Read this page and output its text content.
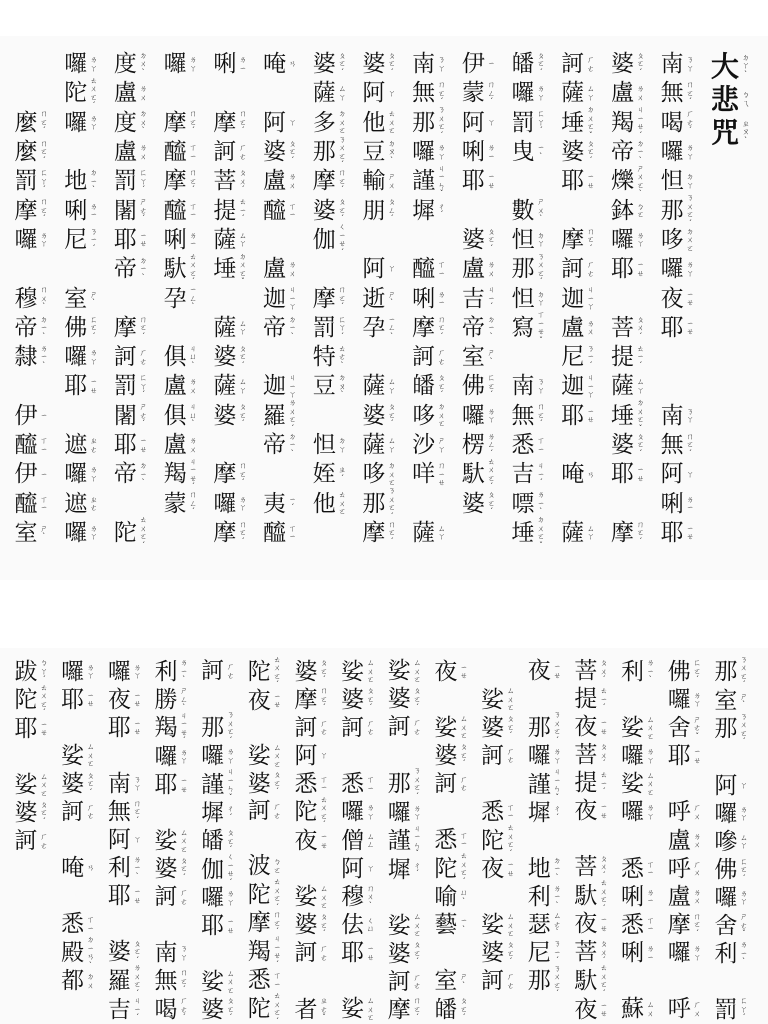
大 ㄉ
ㄚ
ˋ
悲 ㄅ
ㄟ
咒 ㄓ
ㄡ
ˋ
南 ㄋ
ㄚ
無 ㄇ
ㄛ
ˊ
喝 ㄏ
ㄜ
ˊ
囉 ㄌ
ㄚ
怛 ㄉ
ㄚ
那 ㄋ
ㄨ
ㄛ
ˊ
哆 ㄉ
ㄨ
ㄛ
囉 ㄌ
ㄚ
夜 ㄧ
ㄝ
耶 ㄧ
ㄝ
南 ㄋ
ㄚ
無 ㄇ
ㄛ
ˊ
阿 ㄚ
唎 ㄌ
ㄧ
耶 ㄧ
ㄝ
婆 ㄆ
ㄛ
ˊ
盧 ㄌ
ㄨ
羯 ㄐ
ㄧ
ㄝ
ˊ
帝 ㄉ
ㄧ
ˋ
爍 ㄕ
ㄨ
ㄛ
ˋ
鉢 ㄅ
ㄛ
囉 ㄌ
ㄚ
耶 ㄧ
ㄝ
菩 ㄆ
ㄨ
ˊ
提 ㄊ
ㄧ
ˊ
薩 ㄙ
ㄚ
埵 ㄉ
ㄨ
ㄛ
ˇ
婆 ㄆ
ㄛ
ˊ
耶 ㄧ
ㄝ
摩 ㄇ
ㄛ
ˊ
訶 ㄏ
ㄜ
薩 ㄙ
ㄚ
埵 ㄉ
ㄨ
ㄛ
ˇ
婆 ㄆ
ㄛ
ˊ
耶 ㄧ
ㄝ
摩 ㄇ
ㄛ
ˊ
訶 ㄏ
ㄜ
迦 ㄐ
ㄧ
ㄚ
盧 ㄌ
ㄨ
尼 ㄋ
ㄧ
ˊ
迦 ㄐ
ㄧ
ㄚ
耶 ㄧ
ㄝ
唵 ㄢ
薩 ㄙ
ㄚ
皤 ㄆ
ㄛ
ˊ
囉 ㄌ
ㄚ
罰 ㄈ
ㄚ
ˊ
曳 ㄧ
ˋ
數 ㄕ
ㄨ
ˋ
怛 ㄉ
ㄚ
那 ㄋ
ㄨ
ㄛ
ˊ
怛 ㄉ
ㄚ
寫 ㄒ
ㄧ
ㄝ
ˇ
南 ㄋ
ㄚ
無 ㄇ
ㄛ
ˊ
悉 ㄒ
ㄧ
吉 ㄐ
ㄧ
ˊ
嘌 ㄌ
ㄧ
ˋ
埵 ㄉ
ㄨ
ㄛ
ˇ
伊 ㄧ
蒙 ㄇ
ㄥ
ˊ
阿 ㄚ
唎 ㄌ
ㄧ
耶 ㄧ
ㄝ
婆 ㄆ
ㄛ
ˊ
盧 ㄌ
ㄨ
吉 ㄐ
ㄧ
ˊ
帝 ㄉ
ㄧ
ˋ
室 ㄕ
ˋ
佛 ㄈ
ㄛ
ˊ
囉 ㄌ
ㄚ
楞 ㄌ
ㄥ
ˊ
馱 ㄊ
ㄨ
ㄛ
ˊ
婆 ㄆ
ㄛ
ˊ
南 ㄋ
ㄚ
無 ㄇ
ㄛ
ˊ
那 ㄋ
ㄨ
ㄛ
ˊ
囉 ㄌ
ㄚ
謹 ㄐ
ㄧ
ㄣ
ˇ
墀 ㄔ
ˊ
醯 ㄒ
ㄧ
唎 ㄌ
ㄧ
摩 ㄇ
ㄛ
ˊ
訶 ㄏ
ㄜ
皤 ㄆ
ㄛ
ˊ
哆 ㄉ
ㄨ
ㄛ
沙 ㄕ
ㄚ
咩 ㄇ
ㄧ
ㄝ
薩 ㄙ
ㄚ
婆 ㄆ
ㄛ
ˊ
阿 ㄚ
他 ㄊ
ㄨ
ㄛ
豆 ㄉ
ㄡ
ˋ
輸 ㄕ
ㄨ
朋 ㄆ
ㄥ
ˊ
阿 ㄚ
逝 ㄕ
ˋ
孕 ㄧ
ㄥ
ˋ
薩 ㄙ
ㄚ
婆 ㄆ
ㄛ
ˊ
薩 ㄙ
ㄚ
哆 ㄉ
ㄨ
ㄛ
那 ㄋ
ㄨ
ㄛ
ˊ
摩 ㄇ
ㄛ
ˊ
婆 ㄆ
ㄛ
ˊ
薩 ㄙ
ㄚ
多 ㄉ
ㄨ
ㄛ
那 ㄋ
ㄨ
ㄛ
ˊ
摩 ㄇ
ㄛ
ˊ
婆 ㄆ
ㄛ
ˊ
伽 ㄑ
ㄧ
ㄝ
ˊ
摩 ㄇ
ㄛ
ˊ
罰 ㄈ
ㄚ
ˊ
特 ㄊ
ㄜ
ˋ
豆 ㄉ
ㄡ
ˋ
怛 ㄉ
ㄚ
姪 ㄓ
ˊ
他 ㄊ
ㄨ
ㄛ
唵 ㄢ
阿 ㄚ
婆 ㄆ
ㄛ
ˊ
盧 ㄌ
ㄨ
醯 ㄒ
ㄧ
盧 ㄌ
ㄨ
迦 ㄐ
ㄧ
ㄚ
帝 ㄉ
ㄧ
ˋ
迦 ㄐ
ㄧ
ㄚ
羅 ㄌ
ㄨ
ㄛ
ˊ
帝 ㄉ
ㄧ
ˋ
夷 ㄧ
ˊ
醯 ㄒ
ㄧ
唎 ㄌ
ㄧ
摩 ㄇ
ㄛ
ˊ
訶 ㄏ
ㄜ
菩 ㄆ
ㄨ
ˊ
提 ㄊ
ㄧ
ˊ
薩 ㄙ
ㄚ
埵 ㄉ
ㄨ
ㄛ
ˇ
薩 ㄙ
ㄚ
婆 ㄆ
ㄛ
ˊ
薩 ㄙ
ㄚ
婆 ㄆ
ㄛ
ˊ
摩 ㄇ
ㄛ
ˊ
囉 ㄌ
ㄚ
摩 ㄇ
ㄛ
ˊ
囉 ㄌ
ㄚ
摩 ㄇ
ㄛ
ˊ
醯 ㄒ
ㄧ
摩 ㄇ
ㄛ
ˊ
醯 ㄒ
ㄧ
唎 ㄌ
ㄧ
馱 ㄊ
ㄨ
ㄛ
ˊ
孕 ㄧ
ㄥ
ˋ
俱 ㄐ
ㄩ
ˋ
盧 ㄌ
ㄨ
俱 ㄐ
ㄩ
ˋ
盧 ㄌ
ㄨ
羯 ㄐ
ㄧ
ㄝ
ˊ
蒙 ㄇ
ㄥ
ˊ
度 ㄉ
ㄨ
ˋ
盧 ㄌ
ㄨ
度 ㄉ
ㄨ
ˋ
盧 ㄌ
ㄨ
罰 ㄈ
ㄚ
ˊ
闍 ㄕ
ㄜ
ˊ
耶 ㄧ
ㄝ
帝 ㄉ
ㄧ
ˋ
摩 ㄇ
ㄛ
ˊ
訶 ㄏ
ㄜ
罰 ㄈ
ㄚ
ˊ
闍 ㄕ
ㄜ
ˊ
耶 ㄧ
ㄝ
帝 ㄉ
ㄧ
ˋ
陀 ㄊ
ㄨ
ㄛ
ˊ
囉 ㄌ
ㄚ
陀 ㄊ
ㄨ
ㄛ
ˊ
囉 ㄌ
ㄚ
地 ㄉ
ㄧ
ˋ
唎 ㄌ
ㄧ
尼 ㄋ
ㄧ
ˊ
室 ㄕ
ˋ
佛 ㄈ
ㄛ
ˊ
囉 ㄌ
ㄚ
耶 ㄧ
ㄝ
遮 ㄓ
ㄜ
囉 ㄌ
ㄚ
遮 ㄓ
ㄜ
囉 ㄌ
ㄚ
麼 ㄇ
ㄛ
ˊ
麼 ㄇ
ㄛ
ˊ
罰 ㄈ
ㄚ
ˊ
摩 ㄇ
ㄛ
ˊ
囉 ㄌ
ㄚ
穆 ㄇ
ㄨ
ˋ
帝 ㄉ
ㄧ
ˋ
隸 ㄌ
ㄧ
ˋ
伊 ㄧ
醯 ㄒ
ㄧ
伊 ㄧ
醯 ㄒ
ㄧ
室 ㄕ
ˋ
那 ㄋ
ㄨ
ㄛ
ˊ
室 ㄕ
ˋ
那 ㄋ
ㄨ
ㄛ
ˊ
阿 ㄚ
囉 ㄌ
ㄚ
嘇 ㄙ
ㄚ
佛 ㄈ
ㄛ
ˊ
囉 ㄌ
ㄚ
舍 ㄕ
ㄜ
ˇ
利 ㄌ
ㄧ
ˋ
罰 ㄈ
ㄚ
ˊ
佛 ㄈ
ㄛ
ˊ
囉 ㄌ
ㄚ
舍 ㄕ
ㄜ
ˇ
耶 ㄧ
ㄝ
呼 ㄏ
ㄨ
盧 ㄌ
ㄨ
呼 ㄏ
ㄨ
盧 ㄌ
ㄨ
摩 ㄇ
ㄛ
ˊ
囉 ㄌ
ㄚ
呼 ㄏ
ㄨ
利 ㄌ
ㄧ
ˋ
娑 ㄙ
ㄨ
ㄛ
囉 ㄌ
ㄚ
娑 ㄙ
ㄨ
ㄛ
囉 ㄌ
ㄚ
悉 ㄒ
ㄧ
唎 ㄌ
ㄧ
悉 ㄒ
ㄧ
唎 ㄌ
ㄧ
蘇 ㄙ
ㄨ
菩 ㄆ
ㄨ
ˊ
提 ㄊ
ㄧ
ˊ
夜 ㄧ
ㄝ
菩 ㄆ
ㄨ
ˊ
提 ㄊ
ㄧ
ˊ
夜 ㄧ
ㄝ
菩 ㄆ
ㄨ
ˊ
馱 ㄊ
ㄨ
ㄛ
ˊ
夜 ㄧ
ㄝ
菩 ㄆ
ㄨ
ˊ
馱 ㄊ
ㄨ
ㄛ
ˊ
夜 ㄧ
ㄝ
夜 ㄧ
ㄝ
那 ㄋ
ㄨ
ㄛ
ˊ
囉 ㄌ
ㄚ
謹 ㄐ
ㄧ
ㄣ
ˇ
墀 ㄔ
ˊ
地 ㄉ
ㄧ
ˋ
利 ㄌ
ㄧ
ˋ
瑟 ㄙ
ㄜ
ˋ
尼 ㄋ
ㄧ
ˊ
那 ㄋ
ㄨ
ㄛ
ˊ
娑 ㄙ
ㄨ
ㄛ
婆 ㄆ
ㄛ
ˊ
訶 ㄏ
ㄜ
悉 ㄒ
ㄧ
陀 ㄊ
ㄨ
ㄛ
ˊ
夜 ㄧ
ㄝ
娑 ㄙ
ㄨ
ㄛ
婆 ㄆ
ㄛ
ˊ
訶 ㄏ
ㄜ
夜 ㄧ
ㄝ
娑 ㄙ
ㄨ
ㄛ
婆 ㄆ
ㄛ
ˊ
訶 ㄏ
ㄜ
悉 ㄒ
ㄧ
陀 ㄊ
ㄨ
ㄛ
ˊ
喻 ㄩ
ˋ
藝 ㄧ
ˋ
室 ㄕ
ˋ
皤 ㄆ
ㄛ
ˊ
娑 ㄙ
ㄨ
ㄛ
婆 ㄆ
ㄛ
ˊ
訶 ㄏ
ㄜ
那 ㄋ
ㄨ
ㄛ
ˊ
囉 ㄌ
ㄚ
謹 ㄐ
ㄧ
ㄣ
ˇ
墀 ㄔ
ˊ
娑 ㄙ
ㄨ
ㄛ
婆 ㄆ
ㄛ
ˊ
訶 ㄏ
ㄜ
摩 ㄇ
ㄛ
ˊ
娑 ㄙ
ㄨ
ㄛ
婆 ㄆ
ㄛ
ˊ
訶 ㄏ
ㄜ
悉 ㄒ
ㄧ
囉 ㄌ
ㄚ
僧 ㄙ
ㄥ
阿 ㄚ
穆 ㄇ
ㄨ
ˋ
佉 ㄑ
ㄩ
耶 ㄧ
ㄝ
娑 ㄙ
ㄨ
ㄛ
婆 ㄆ
ㄛ
ˊ
摩 ㄇ
ㄛ
ˊ
訶 ㄏ
ㄜ
阿 ㄚ
悉 ㄒ
ㄧ
陀 ㄊ
ㄨ
ㄛ
ˊ
夜 ㄧ
ㄝ
娑 ㄙ
ㄨ
ㄛ
婆 ㄆ
ㄛ
ˊ
訶 ㄏ
ㄜ
者 ㄓ
ㄜ
ˇ
陀 ㄊ
ㄨ
ㄛ
ˊ
夜 ㄧ
ㄝ
娑 ㄙ
ㄨ
ㄛ
婆 ㄆ
ㄛ
ˊ
訶 ㄏ
ㄜ
波 ㄅ
ㄛ
陀 ㄊ
ㄨ
ㄛ
ˊ
摩 ㄇ
ㄛ
ˊ
羯 ㄐ
ㄧ
ㄝ
ˊ
悉 ㄒ
ㄧ
陀 ㄊ
ㄨ
ㄛ
ˊ
訶 ㄏ
ㄜ
那 ㄋ
ㄨ
ㄛ
ˊ
囉 ㄌ
ㄚ
謹 ㄐ
ㄧ
ㄣ
ˇ
墀 ㄔ
ˊ
皤 ㄆ
ㄛ
ˊ
伽 ㄑ
ㄧ
ㄝ
ˊ
囉 ㄌ
ㄚ
耶 ㄧ
ㄝ
娑 ㄙ
ㄨ
ㄛ
婆 ㄆ
ㄛ
ˊ
利 ㄌ
ㄧ
ˋ
勝 ㄕ
ㄥ
ˋ
羯 ㄐ
ㄧ
ㄝ
ˊ
囉 ㄌ
ㄚ
耶 ㄧ
ㄝ
娑 ㄙ
ㄨ
ㄛ
婆 ㄆ
ㄛ
ˊ
訶 ㄏ
ㄜ
南 ㄋ
ㄚ
無 ㄇ
ㄛ
ˊ
喝 ㄏ
ㄜ
ˊ
囉 ㄌ
ㄚ
夜 ㄧ
ㄝ
耶 ㄧ
ㄝ
南 ㄋ
ㄚ
無 ㄇ
ㄛ
ˊ
阿 ㄚ
利 ㄌ
ㄧ
ˋ
耶 ㄧ
ㄝ
婆 ㄆ
ㄛ
ˊ
羅 ㄌ
ㄨ
ㄛ
ˊ
吉 ㄐ
ㄧ
ˊ
囉 ㄌ
ㄚ
耶 ㄧ
ㄝ
娑 ㄙ
ㄨ
ㄛ
婆 ㄆ
ㄛ
ˊ
訶 ㄏ
ㄜ
唵 ㄢ
悉 ㄒ
ㄧ
殿 ㄉ
ㄧ
ㄢ
ˋ
都 ㄉ
ㄨ
跋 ㄅ
ㄚ
ˊ
陀 ㄊ
ㄨ
ㄛ
ˊ
耶 ㄧ
ㄝ
娑 ㄙ
ㄨ
ㄛ
婆 ㄆ
ㄛ
ˊ
訶 ㄏ
ㄜ
